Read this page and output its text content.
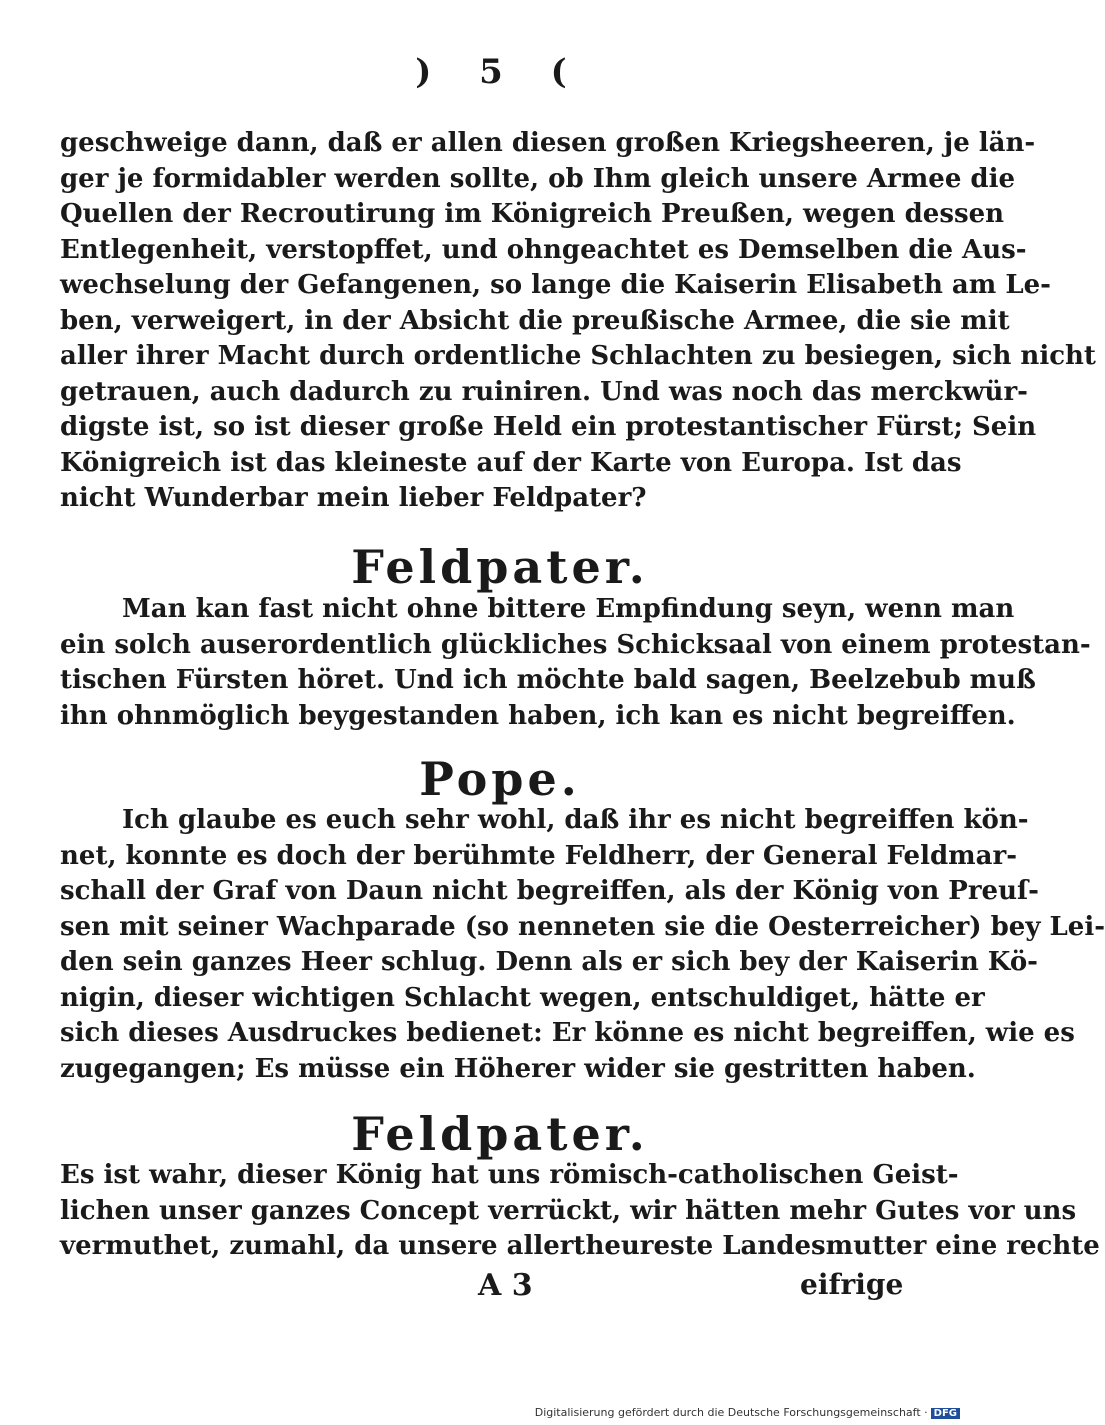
) 5 (
geschweige dann, daß er allen diesen großen Kriegsheeren, je län-
ger je formidabler werden sollte, ob Ihm gleich unsere Armee die
Quellen der Recroutirung im Königreich Preußen, wegen dessen
Entlegenheit, verstopffet, und ohngeachtet es Demselben die Aus-
wechselung der Gefangenen, so lange die Kaiserin Elisabeth am Le-
ben, verweigert, in der Absicht die preußische Armee, die sie mit
aller ihrer Macht durch ordentliche Schlachten zu besiegen, sich nicht
getrauen, auch dadurch zu ruiniren. Und was noch das merckwür-
digste ist, so ist dieser große Held ein protestantischer Fürst; Sein
Königreich ist das kleineste auf der Karte von Europa. Ist das
nicht Wunderbar mein lieber Feldpater?
Feldpater.
Man kan fast nicht ohne bittere Empfindung seyn, wenn man
ein solch auserordentlich glückliches Schicksaal von einem protestan-
tischen Fürsten höret. Und ich möchte bald sagen, Beelzebub muß
ihn ohnmöglich beygestanden haben, ich kan es nicht begreiffen.
Pope.
Ich glaube es euch sehr wohl, daß ihr es nicht begreiffen kön-
net, konnte es doch der berühmte Feldherr, der General Feldmar-
schall der Graf von Daun nicht begreiffen, als der König von Preuſ-
sen mit seiner Wachparade (so nenneten sie die Oesterreicher) bey Lei-
den sein ganzes Heer schlug. Denn als er sich bey der Kaiserin Kö-
nigin, dieser wichtigen Schlacht wegen, entschuldiget, hätte er
sich dieses Ausdruckes bedienet: Er könne es nicht begreiffen, wie es
zugegangen; Es müsse ein Höherer wider sie gestritten haben.
Feldpater.
Es ist wahr, dieser König hat uns römisch-catholischen Geist-
lichen unser ganzes Concept verrückt, wir hätten mehr Gutes vor uns
vermuthet, zumahl, da unsere allertheureste Landesmutter eine rechte
A 3	eifrige
Digitalisierung gefördert durch die Deutsche Forschungsgemeinschaft · DFG
